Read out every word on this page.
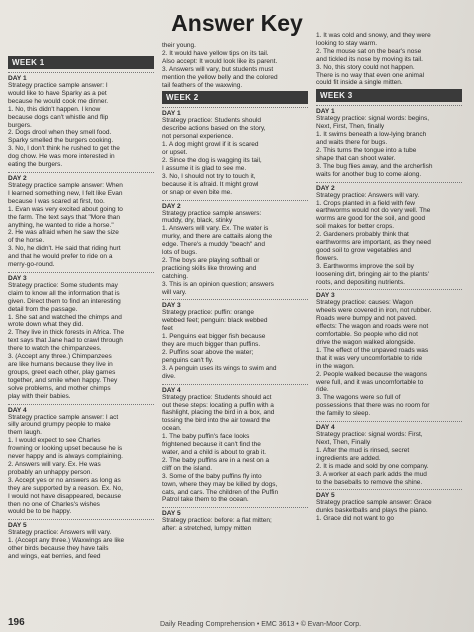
Answer Key
WEEK 1
DAY 1
Strategy practice sample answer: I
would like to have Sparky as a pet
because he would cook me dinner.
1. No, this didn't happen. I know
because dogs can't whistle and flip
burgers.
2. Dogs drool when they smell food.
Sparky smelled the burgers cooking.
3. No, I don't think he rushed to get the
dog chow. He was more interested in
eating the burgers.
DAY 2
Strategy practice sample answer: When
I learned something new, I felt like Evan
because I was scared at first, too.
1. Evan was very excited about going to
the farm. The text says that "More than
anything, he wanted to ride a horse."
2. He was afraid when he saw the size
of the horse.
3. No, he didn't. He said that riding hurt
and that he would prefer to ride on a
merry-go-round.
DAY 3
Strategy practice: Some students may
claim to know all the information that is
given. Direct them to find an interesting
detail from the passage.
1. She sat and watched the chimps and
wrote down what they did.
2. They live in thick forests in Africa. The
text says that Jane had to crawl through
there to watch the chimpanzees.
3. (Accept any three.) Chimpanzees
are like humans because they live in
groups, greet each other, play games
together, and smile when happy. They
solve problems, and mother chimps
play with their babies.
DAY 4
Strategy practice sample answer: I act
silly around grumpy people to make
them laugh.
1. I would expect to see Charles
frowning or looking upset because he is
never happy and is always complaining.
2. Answers will vary. Ex. He was
probably an unhappy person.
3. Accept yes or no answers as long as
they are supported by a reason. Ex. No,
I would not have disappeared, because
then no one of Charles's wishes
would be to be happy.
DAY 5
Strategy practice: Answers will vary.
1. (Accept any three.) Waxwings are like
other birds because they have tails
and wings, eat berries, and feed
their young.
2. It would have yellow tips on its tail.
Also accept: It would look like its parent.
3. Answers will vary, but students must
mention the yellow belly and the colored
tail feathers of the waxwing.
WEEK 2
DAY 1
Strategy practice: Students should
describe actions based on the story,
not personal experience.
1. A dog might growl if it is scared
or upset.
2. Since the dog is wagging its tail,
I assume it is glad to see me.
3. No, I should not try to touch it,
because it is afraid. It might growl
or snap or even bite me.
DAY 2
Strategy practice sample answers:
muddy, dry, black, stinky
1. Answers will vary. Ex. The water is
murky, and there are cattails along the
edge. There's a muddy "beach" and
lots of bugs.
2. The boys are playing softball or
practicing skills like throwing and
catching.
3. This is an opinion question; answers
will vary.
DAY 3
Strategy practice: puffin: orange
webbed feet; penguin: black webbed
feet
1. Penguins eat bigger fish because
they are much bigger than puffins.
2. Puffins soar above the water;
penguins can't fly.
3. A penguin uses its wings to swim and
dive.
DAY 4
Strategy practice: Students should act
out these steps: locating a puffin with a
flashlight, placing the bird in a box, and
tossing the bird into the air toward the
ocean.
1. The baby puffin's face looks
frightened because it can't find the
water, and a child is about to grab it.
2. The baby puffins are in a nest on a
cliff on the island.
3. Some of the baby puffins fly into
town, where they may be killed by dogs,
cats, and cars. The children of the Puffin
Patrol take them to the ocean.
DAY 5
Strategy practice: before: a flat mitten;
after: a stretched, lumpy mitten
1. It was cold and snowy, and they were
looking to stay warm.
2. The mouse sat on the bear's nose
and tickled its nose by moving its tail.
3. No, this story could not happen.
There is no way that even one animal
could fit inside a single mitten.
WEEK 3
DAY 1
Strategy practice: signal words: begins,
Next, First, Then, finally
1. It swims beneath a low-lying branch
and waits there for bugs.
2. This turns the tongue into a tube
shape that can shoot water.
3. The bug flies away, and the archerfish
waits for another bug to come along.
DAY 2
Strategy practice: Answers will vary.
1. Crops planted in a field with few
earthworms would not do very well. The
worms are good for the soil, and good
soil makes for better crops.
2. Gardeners probably think that
earthworms are important, as they need
good soil to grow vegetables and
flowers.
3. Earthworms improve the soil by
loosening dirt, bringing air to the plants'
roots, and depositing nutrients.
DAY 3
Strategy practice: causes: Wagon
wheels were covered in iron, not rubber.
Roads were bumpy and not paved.
effects: The wagon and roads were not
comfortable. So people who did not
drive the wagon walked alongside.
1. The effect of the unpaved roads was
that it was very uncomfortable to ride
in the wagon.
2. People walked because the wagons
were full, and it was uncomfortable to
ride.
3. The wagons were so full of
possessions that there was no room for
the family to sleep.
DAY 4
Strategy practice: signal words: First,
Next, Then, Finally
1. After the mud is rinsed, secret
ingredients are added.
2. It is made and sold by one company.
3. A worker at each park adds the mud
to the baseballs to remove the shine.
DAY 5
Strategy practice sample answer: Grace
dunks basketballs and plays the piano.
1. Grace did not want to go
196	Daily Reading Comprehension • EMC 3613 • © Evan-Moor Corp.
